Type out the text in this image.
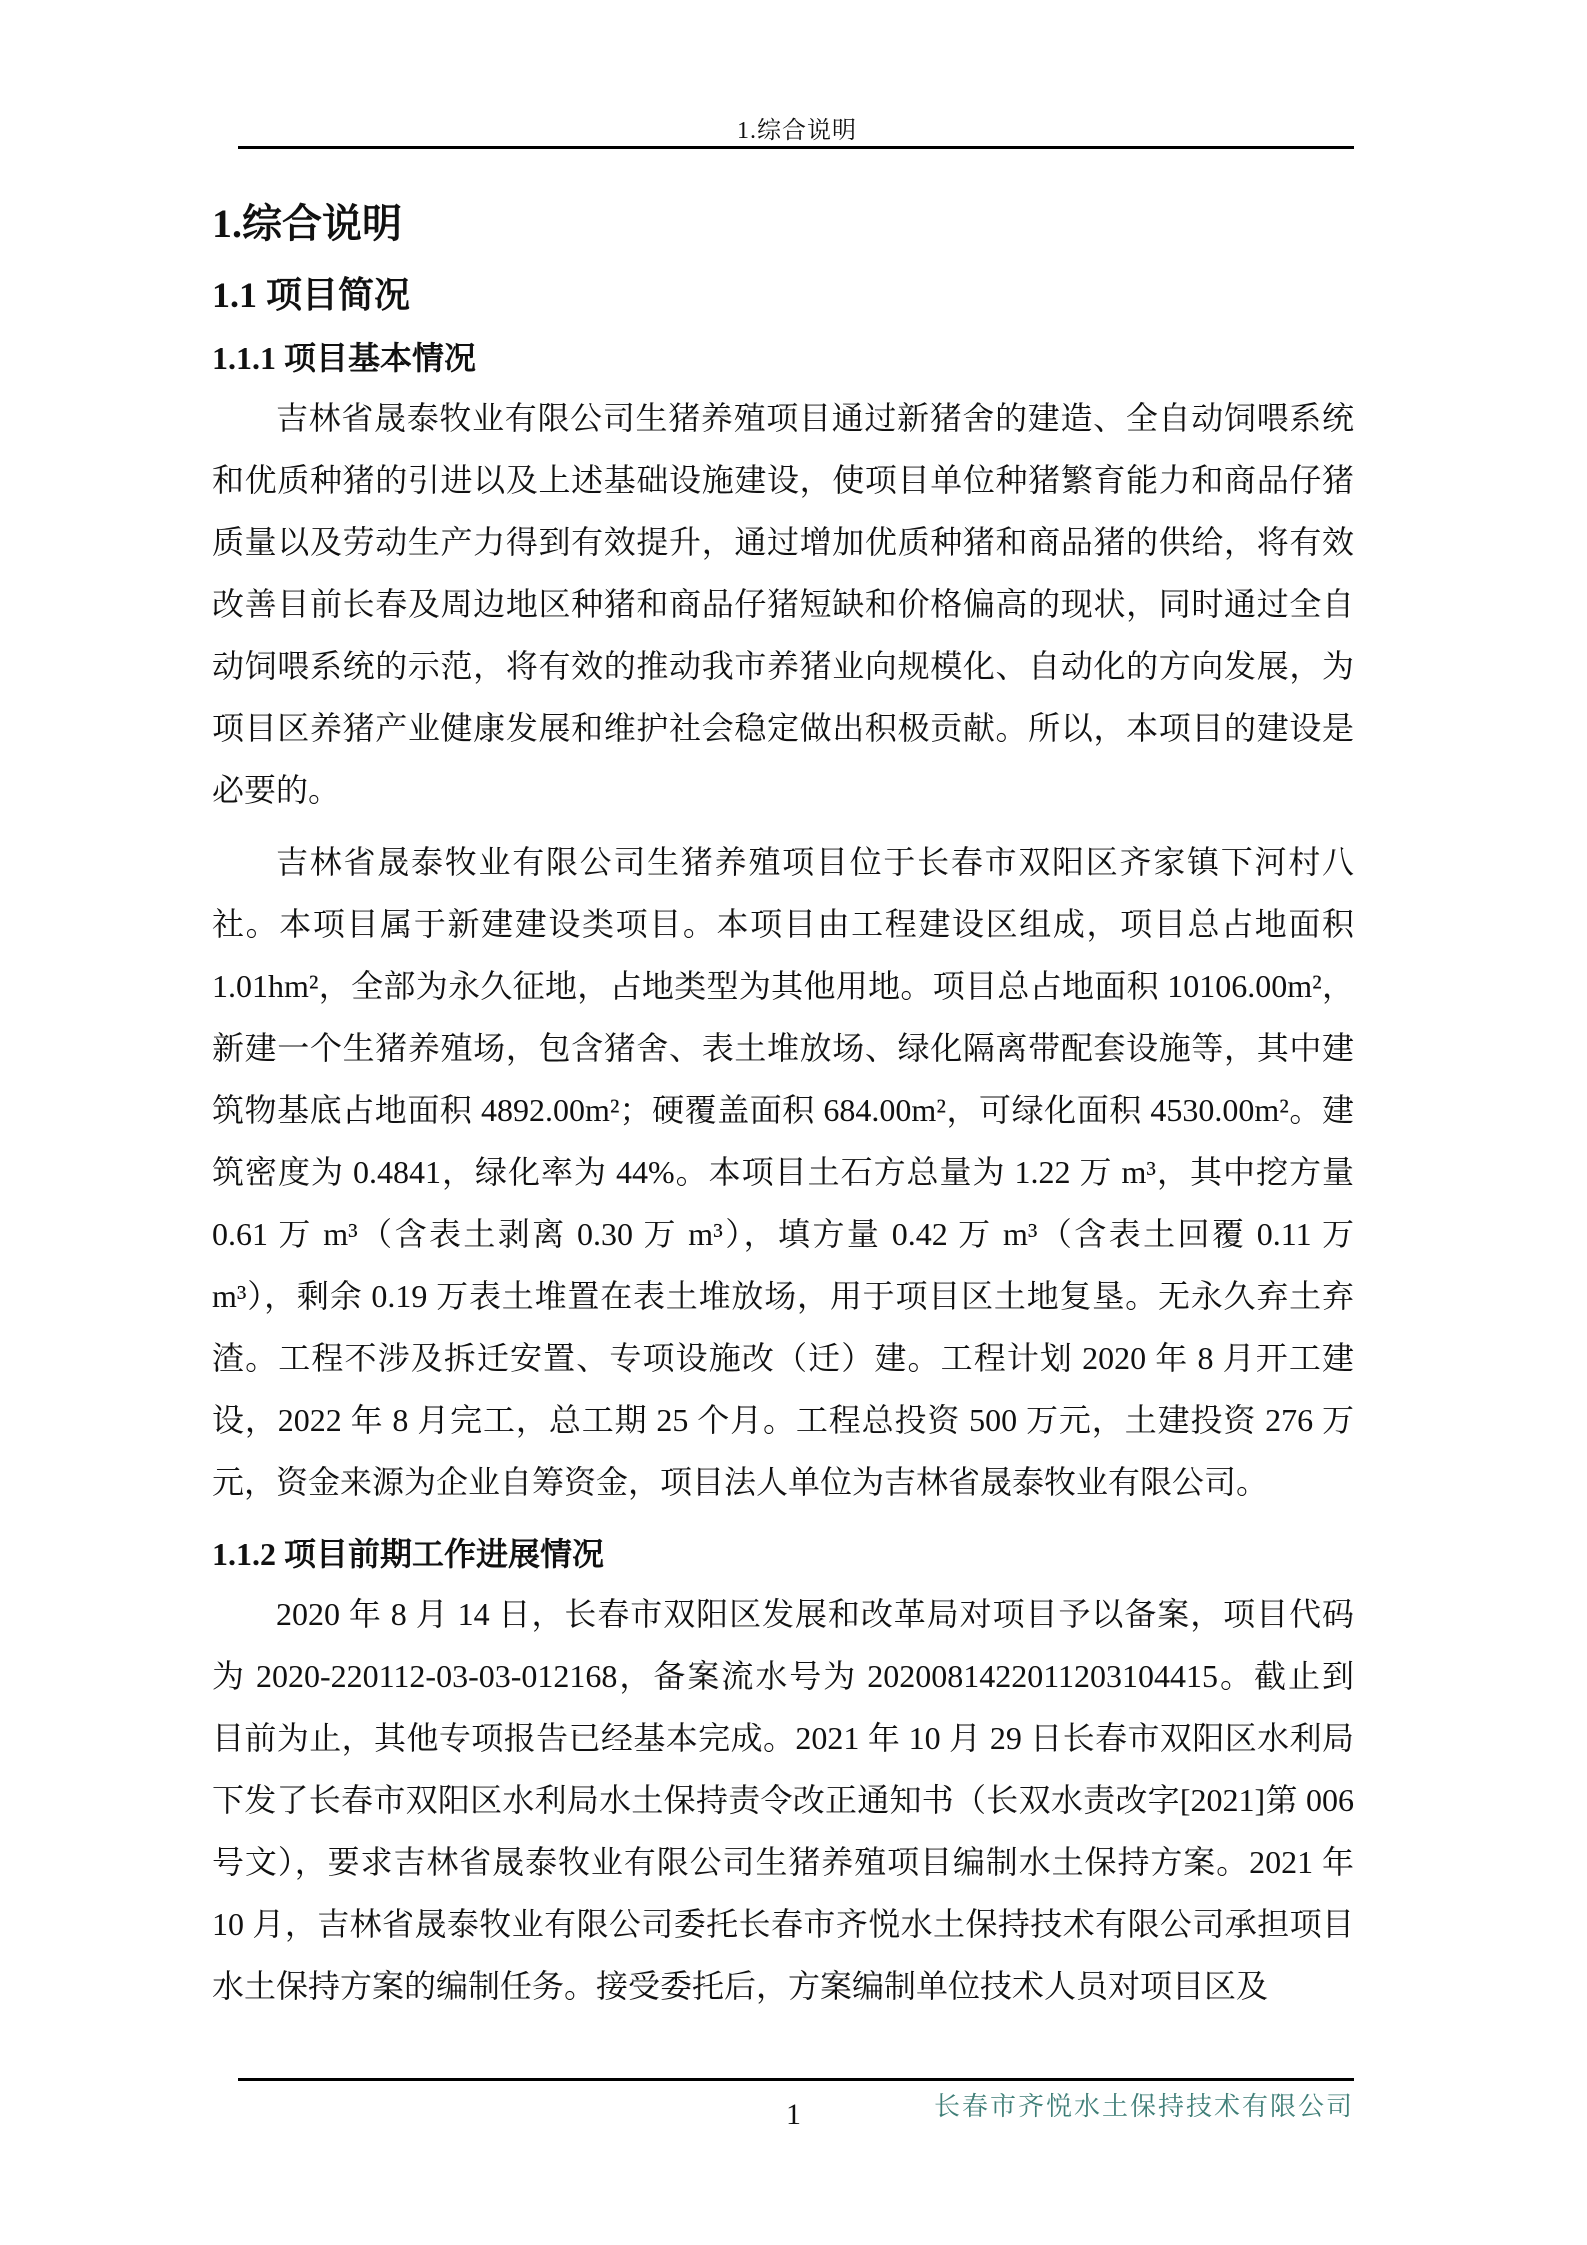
1.综合说明
1.综合说明
1.1 项目简况
1.1.1 项目基本情况

吉林省晟泰牧业有限公司生猪养殖项目通过新猪舍的建造、全自动饲喂系统和优质种猪的引进以及上述基础设施建设，使项目单位种猪繁育能力和商品仔猪质量以及劳动生产力得到有效提升，通过增加优质种猪和商品猪的供给，将有效改善目前长春及周边地区种猪和商品仔猪短缺和价格偏高的现状，同时通过全自动饲喂系统的示范，将有效的推动我市养猪业向规模化、自动化的方向发展，为项目区养猪产业健康发展和维护社会稳定做出积极贡献。所以，本项目的建设是必要的。

吉林省晟泰牧业有限公司生猪养殖项目位于长春市双阳区齐家镇下河村八社。本项目属于新建建设类项目。本项目由工程建设区组成，项目总占地面积 1.01hm²，全部为永久征地，占地类型为其他用地。项目总占地面积 10106.00m²，新建一个生猪养殖场，包含猪舍、表土堆放场、绿化隔离带配套设施等，其中建筑物基底占地面积 4892.00m²；硬覆盖面积 684.00m²，可绿化面积 4530.00m²。建筑密度为 0.4841，绿化率为 44%。本项目土石方总量为 1.22 万 m³，其中挖方量 0.61 万 m³（含表土剥离 0.30 万 m³），填方量 0.42 万 m³（含表土回覆 0.11 万 m³），剩余 0.19 万表土堆置在表土堆放场，用于项目区土地复垦。无永久弃土弃渣。工程不涉及拆迁安置、专项设施改（迁）建。工程计划 2020 年 8 月开工建设，2022 年 8 月完工，总工期 25 个月。工程总投资 500 万元，土建投资 276 万元，资金来源为企业自筹资金，项目法人单位为吉林省晟泰牧业有限公司。

1.1.2 项目前期工作进展情况

2020 年 8 月 14 日，长春市双阳区发展和改革局对项目予以备案，项目代码为 2020-220112-03-03-012168，备案流水号为 2020081422011203104415。截止到目前为止，其他专项报告已经基本完成。2021 年 10 月 29 日长春市双阳区水利局下发了长春市双阳区水利局水土保持责令改正通知书（长双水责改字[2021]第 006 号文），要求吉林省晟泰牧业有限公司生猪养殖项目编制水土保持方案。2021 年 10 月，吉林省晟泰牧业有限公司委托长春市齐悦水土保持技术有限公司承担项目水土保持方案的编制任务。接受委托后，方案编制单位技术人员对项目区及

长春市齐悦水土保持技术有限公司
1
